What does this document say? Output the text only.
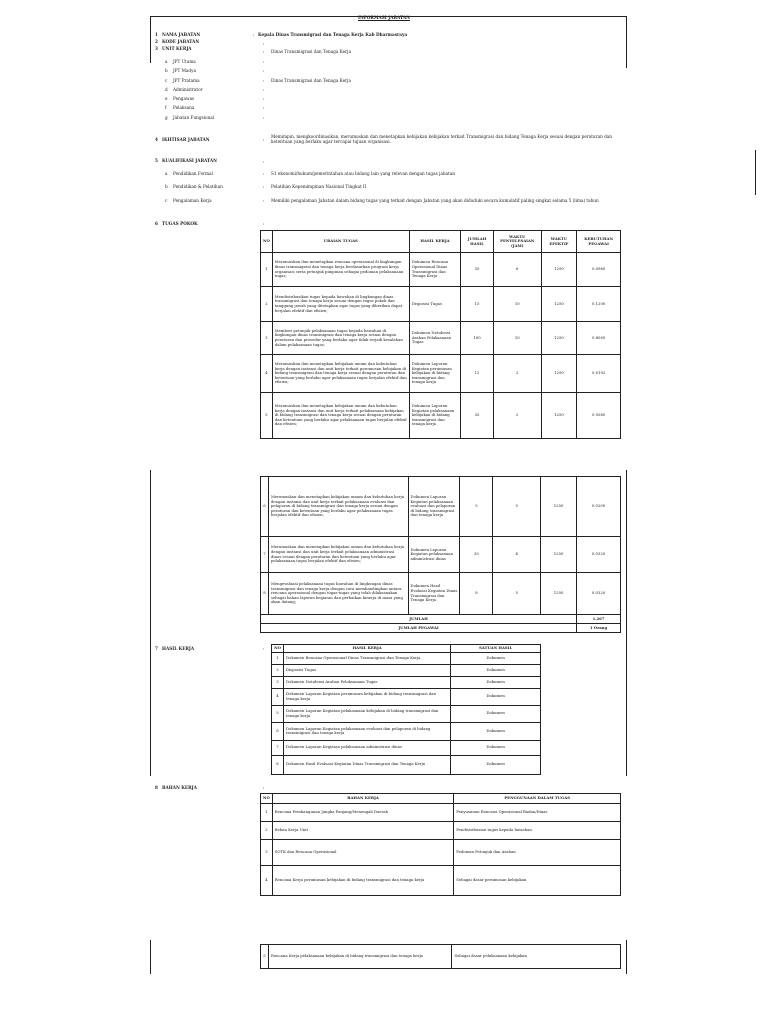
INFORMASI JABATAN
1 NAMA JABATAN	: Kepala Dinas Transmigrasi dan Tenaga Kerja Kab Dharmasraya
2 KODE JABATAN	:
3 UNIT KERJA
: Dinas Transmigrasi dan Tenaga Kerja
a JPT Utama	:
b JPT Madya	:
c JPT Pratama	: Dinas Transmigrasi dan Tenaga Kerja
d Administrator	:
e Pengawas	:
f Pelaksana	:
g Jabatan Fungsional	:
4 IKHTISAR JABATAN	:
Memimpin, mengkoordinasikan, merumuskan dan menetapkan kebijakan kebijakan terkait Transmigrasi dan bidang Tenaga Kerja sesuai dengan peraturan dan ketentuan yang berlaku agar tercapai tujuan organisasi.
5 KUALIFIKASI JABATAN	:
a Pendidikan Formal	: S1 ekonomi/hukum/pemerintahan atau bidang lain yang relevan dengan tugas jabatan
b Pendidikan & Pelatihan	: Pelatihan Kepemimpinan Nasional Tingkat II
c Pengalaman Kerja	: Memiliki pengalaman Jabatan dalam bidang tugas yang terkait dengan Jabatan yang akan diduduki secara kumulatif paling singkat selama 5 (lima) tahun
6 TUGAS POKOK	:
NO	URAIAN TUGAS	HASIL KERJA	JUMLAH HASIL	WAKTU PENYELESAIAN (JAM)	WAKTU EFEKTIF	KEBUTUHAN PEGAWAI
1	Merumuskan dan menetapkan rencana operasional di lingkungan dinas transmigrasi dan tenaga kerja berdasarkan program kerja organisasi serta petunjuk pimpinan sebagai pedoman pelaksanaan tugas;	Dokumen Rencana Operasional Dinas Transmigrasi dan Tenaga Kerja	35	6	1250	0.0960
2	Mendistribusikan tugas kepada bawahan di lingkungan dinas transmigrasi dan tenaga kerja sesuai dengan tugas pokok dan tanggung jawab yang ditetapkan agar tugas yang diberikan dapat berjalan efektif dan efisien;	Disposisi Tugas	15	10	1250	0.1200
3	Memberi petunjuk pelaksanaan tugas kepada bawahan di lingkungan dinas transmigrasi dan tenaga kerja sesuai dengan peraturan dan prosedur yang berlaku agar tidak terjadi kesalahan dalam pelaksanaan tugas;	Dokumen Notulensi Arahan Pelaksanaan Tugas	100	10	1250	0.8000
4	Merumuskan dan menetapkan kebijakan umum dan kebutuhan kerja dengan instansi dan unit kerja terkait perumusan kebijakan di bidang transmigrasi dan tenaga kerja sesuai dengan peraturan dan ketentuan yang berlaku agar pelaksanaan tugas berjalan efektif dan efisien;	Dokumen Laporan Kegiatan perumusan kebijakan di bidang transmigrasi dan tenaga kerja	12	2	1250	0.0192
5	Merumuskan dan menetapkan kebijakan umum dan kebutuhan kerja dengan instansi dan unit kerja terkait pelaksanaan kebijakan di bidang transmigrasi dan tenaga kerja sesuai dengan peraturan dan ketentuan yang berlaku agar pelaksanaan tugas berjalan efektif dan efisien;	Dokumen Laporan Kegiatan pelaksanaan kebijakan di bidang transmigrasi dan tenaga kerja	35	2	1250	0.0560
6	Merumuskan dan menetapkan kebijakan umum dan kebutuhan kerja dengan instansi dan unit kerja terkait pelaksanaan evaluasi dan pelaporan di bidang transmigrasi dan tenaga kerja sesuai dengan peraturan dan ketentuan yang berlaku agar pelaksanaan tugas berjalan efektif dan efisien;	Dokumen Laporan Kegiatan pelaksanaan evaluasi dan pelaporan di bidang transmigrasi dan tenaga kerja	5	5	1250	0.0200
7	Merumuskan dan menetapkan kebijakan umum dan kebutuhan kerja dengan instansi dan unit kerja terkait pelaksanaan administrasi dinas sesuai dengan peraturan dan ketentuan yang berlaku agar pelaksanaan tugas berjalan efektif dan efisien;	Dokumen Laporan Kegiatan pelaksanaan administrasi dinas	35	4	1250	0.0320
8	Mengevaluasi pelaksanaan tugas bawahan di lingkungan dinas transmigrasi dan tenaga kerja dengan cara membandingkan antara rencana operasional dengan tugas-tugas yang telah dilaksanakan sebagai bahan laporan kegiatan dan perbaikan kinerja di masa yang akan datang;	Dokumen Hasil Evaluasi Kegiatan Dinas Transmigrasi dan Tenaga Kerja	8	5	1250	0.0320
JUMLAH						1.267
JUMLAH PEGAWAI						1 Orang
7 HASIL KERJA	:	NO	HASIL KERJA	SATUAN HASIL
1	Dokumen Rencana Operasional Dinas Transmigrasi dan Tenaga Kerja	Dokumen
2	Disposisi Tugas	Dokumen
3	Dokumen Notulensi Arahan Pelaksanaan Tugas	Dokumen
4	Dokumen Laporan Kegiatan perumusan kebijakan di bidang transmigrasi dan tenaga kerja	Dokumen
5	Dokumen Laporan Kegiatan pelaksanaan kebijakan di bidang transmigrasi dan tenaga kerja	Dokumen
6	Dokumen Laporan Kegiatan pelaksanaan evaluasi dan pelaporan di bidang transmigrasi dan tenaga kerja	Dokumen
7	Dokumen Laporan Kegiatan pelaksanaan administrasi dinas	Dokumen
8	Dokumen Hasil Evaluasi Kegiatan Dinas Transmigrasi dan Tenaga Kerja	Dokumen
8 BAHAN KERJA	:
NO	BAHAN KERJA	PENGGUNAAN DALAM TUGAS
1	Rencana Pembangunan Jangka Panjang/Menengah Daerah	Penyusunan Rencana Operasional Badan/Dinas
2	Beban Kerja Unit	Pendistribusian tugas kepada bawahan
3	SOTK dan Rencana Operasional	Pedoman Petunjuk dan Arahan
4	Rencana Kerja perumusan kebijakan di bidang transmigrasi dan tenaga kerja	Sebagai dasar perumusan kebijakan
5	Rencana Kerja pelaksanaan kebijakan di bidang transmigrasi dan tenaga kerja	Sebagai dasar pelaksanaan kebijakan
